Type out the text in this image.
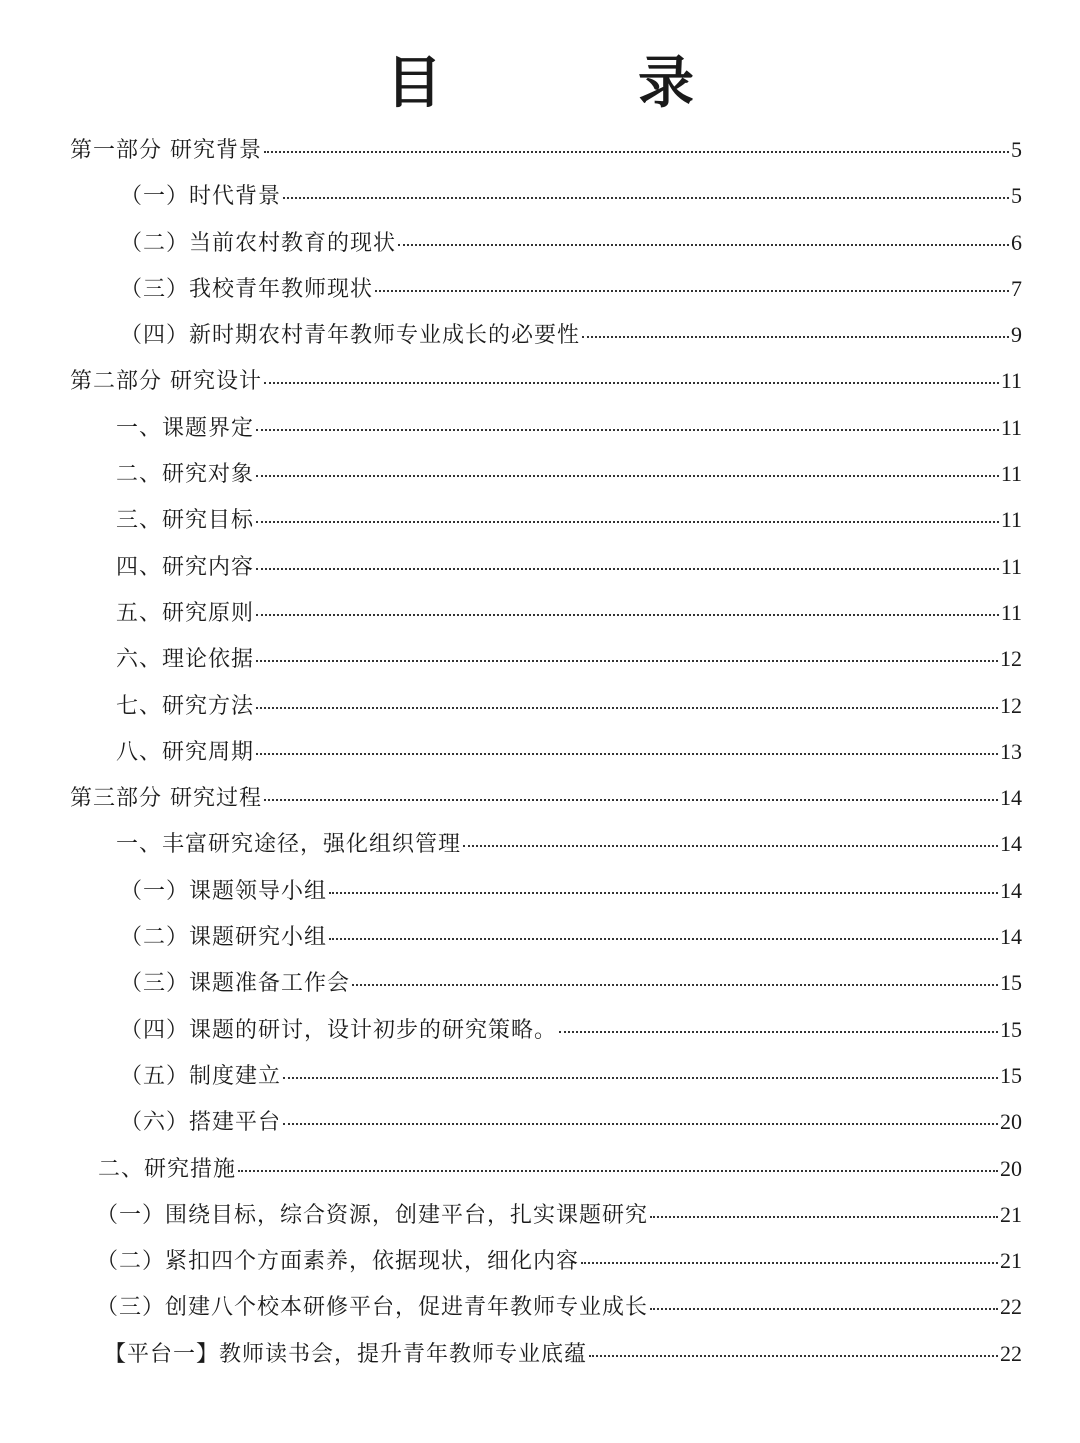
目　录
第一部分 研究背景	5
（一）时代背景	5
（二）当前农村教育的现状	6
（三）我校青年教师现状	7
（四）新时期农村青年教师专业成长的必要性	9
第二部分 研究设计	11
一、课题界定	11
二、研究对象	11
三、研究目标	11
四、研究内容	11
五、研究原则	11
六、理论依据	12
七、研究方法	12
八、研究周期	13
第三部分 研究过程	14
一、丰富研究途径，强化组织管理	14
（一）课题领导小组	14
（二）课题研究小组	14
（三）课题准备工作会	15
（四）课题的研讨，设计初步的研究策略。	15
（五）制度建立	15
（六）搭建平台	20
二、研究措施	20
（一）围绕目标，综合资源，创建平台，扎实课题研究	21
（二）紧扣四个方面素养，依据现状，细化内容	21
（三）创建八个校本研修平台，促进青年教师专业成长	22
【平台一】教师读书会，提升青年教师专业底蕴	22
